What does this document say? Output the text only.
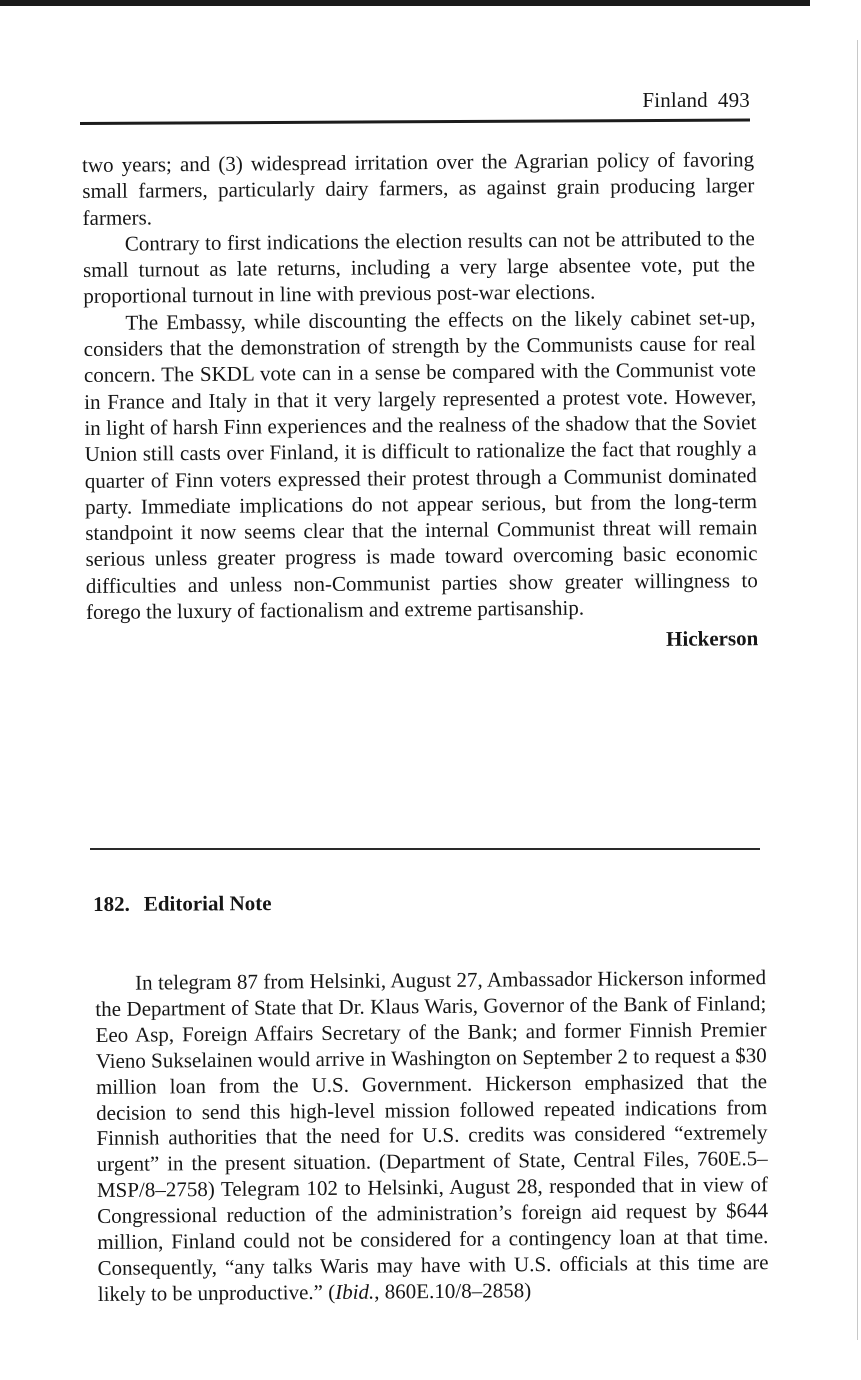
Finland 493

two years; and (3) widespread irritation over the Agrarian policy of favoring small farmers, particularly dairy farmers, as against grain producing larger farmers.

Contrary to first indications the election results can not be attributed to the small turnout as late returns, including a very large absentee vote, put the proportional turnout in line with previous post-war elections.

The Embassy, while discounting the effects on the likely cabinet set-up, considers that the demonstration of strength by the Communists cause for real concern. The SKDL vote can in a sense be compared with the Communist vote in France and Italy in that it very largely represented a protest vote. However, in light of harsh Finn experiences and the realness of the shadow that the Soviet Union still casts over Finland, it is difficult to rationalize the fact that roughly a quarter of Finn voters expressed their protest through a Communist dominated party. Immediate implications do not appear serious, but from the long-term standpoint it now seems clear that the internal Communist threat will remain serious unless greater progress is made toward overcoming basic economic difficulties and unless non-Communist parties show greater willingness to forego the luxury of factionalism and extreme partisanship.

Hickerson

182. Editorial Note

In telegram 87 from Helsinki, August 27, Ambassador Hickerson informed the Department of State that Dr. Klaus Waris, Governor of the Bank of Finland; Eeo Asp, Foreign Affairs Secretary of the Bank; and former Finnish Premier Vieno Sukselainen would arrive in Washington on September 2 to request a $30 million loan from the U.S. Government. Hickerson emphasized that the decision to send this high-level mission followed repeated indications from Finnish authorities that the need for U.S. credits was considered “extremely urgent” in the present situation. (Department of State, Central Files, 760E.5–MSP/8–2758) Telegram 102 to Helsinki, August 28, responded that in view of Congressional reduction of the administration’s foreign aid request by $644 million, Finland could not be considered for a contingency loan at that time. Consequently, “any talks Waris may have with U.S. officials at this time are likely to be unproductive.” (Ibid., 860E.10/8–2858)
